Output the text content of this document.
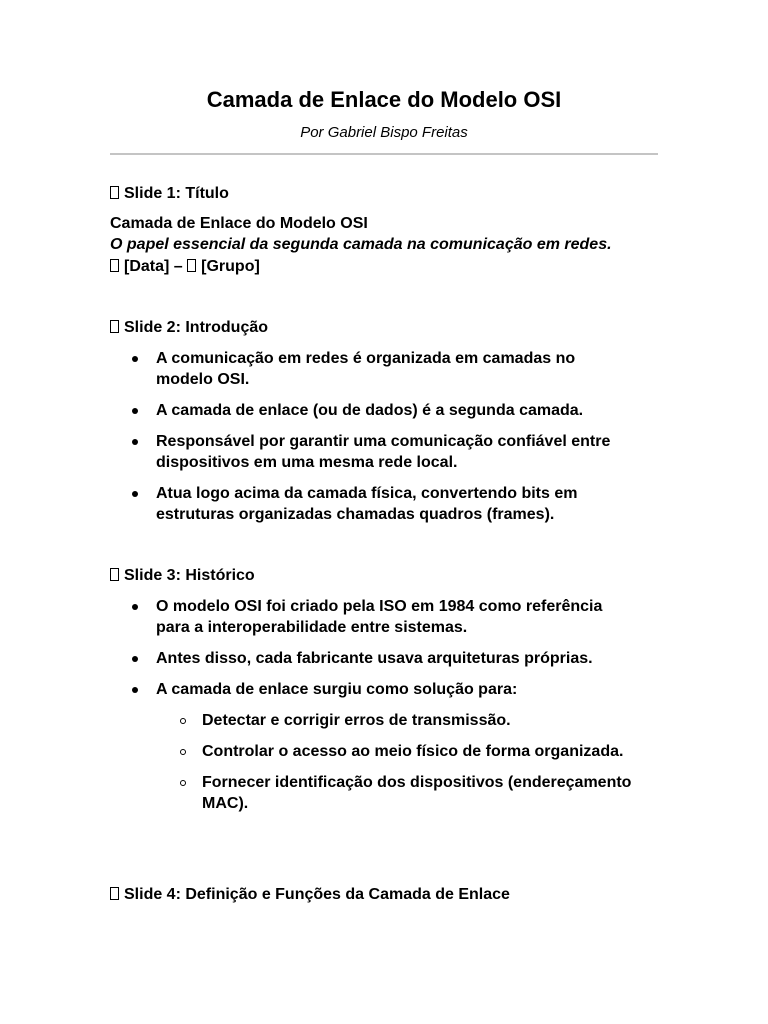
Camada de Enlace do Modelo OSI
Por Gabriel Bispo Freitas
Slide 1: Título
Camada de Enlace do Modelo OSI
O papel essencial da segunda camada na comunicação em redes.
[Data] – [Grupo]
Slide 2: Introdução
A comunicação em redes é organizada em camadas no modelo OSI.
A camada de enlace (ou de dados) é a segunda camada.
Responsável por garantir uma comunicação confiável entre dispositivos em uma mesma rede local.
Atua logo acima da camada física, convertendo bits em estruturas organizadas chamadas quadros (frames).
Slide 3: Histórico
O modelo OSI foi criado pela ISO em 1984 como referência para a interoperabilidade entre sistemas.
Antes disso, cada fabricante usava arquiteturas próprias.
A camada de enlace surgiu como solução para:
Detectar e corrigir erros de transmissão.
Controlar o acesso ao meio físico de forma organizada.
Fornecer identificação dos dispositivos (endereçamento MAC).
Slide 4: Definição e Funções da Camada de Enlace
